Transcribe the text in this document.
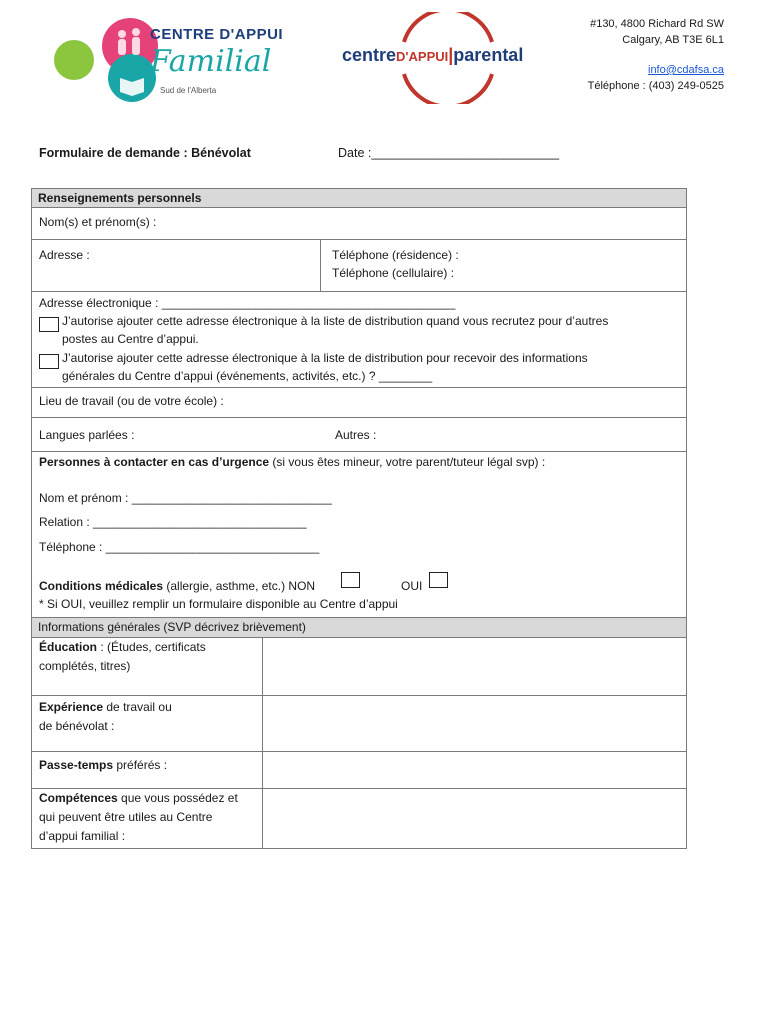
CENTRE D'APPUI
Familial
Sud de l'Alberta
centreD'APPUI|parental
#130, 4800 Richard Rd SW
Calgary, AB T3E 6L1
info@cdafsa.ca
Téléphone : (403) 249-0525
Formulaire de demande : Bénévolat	Date :___________________________
Renseignements personnels
Nom(s) et prénom(s) :
Adresse :	Téléphone (résidence) :
Téléphone (cellulaire) :
Adresse électronique : ____________________________________________
J’autorise ajouter cette adresse électronique à la liste de distribution quand vous recrutez pour d’autres
postes au Centre d’appui.
J’autorise ajouter cette adresse électronique à la liste de distribution pour recevoir des informations
générales du Centre d’appui (événements, activités, etc.) ? ________
Lieu de travail (ou de votre école) :
Langues parlées :	Autres :
Personnes à contacter en cas d’urgence (si vous êtes mineur, votre parent/tuteur légal svp) :
Nom et prénom : ______________________________
Relation : ________________________________
Téléphone : ________________________________
Conditions médicales (allergie, asthme, etc.) NON	OUI
* Si OUI, veuillez remplir un formulaire disponible au Centre d’appui
Informations générales (SVP décrivez brièvement)
Éducation : (Études, certificats
complétés, titres)
Expérience de travail ou
de bénévolat :
Passe-temps préférés :
Compétences que vous possédez et
qui peuvent être utiles au Centre
d’appui familial :
